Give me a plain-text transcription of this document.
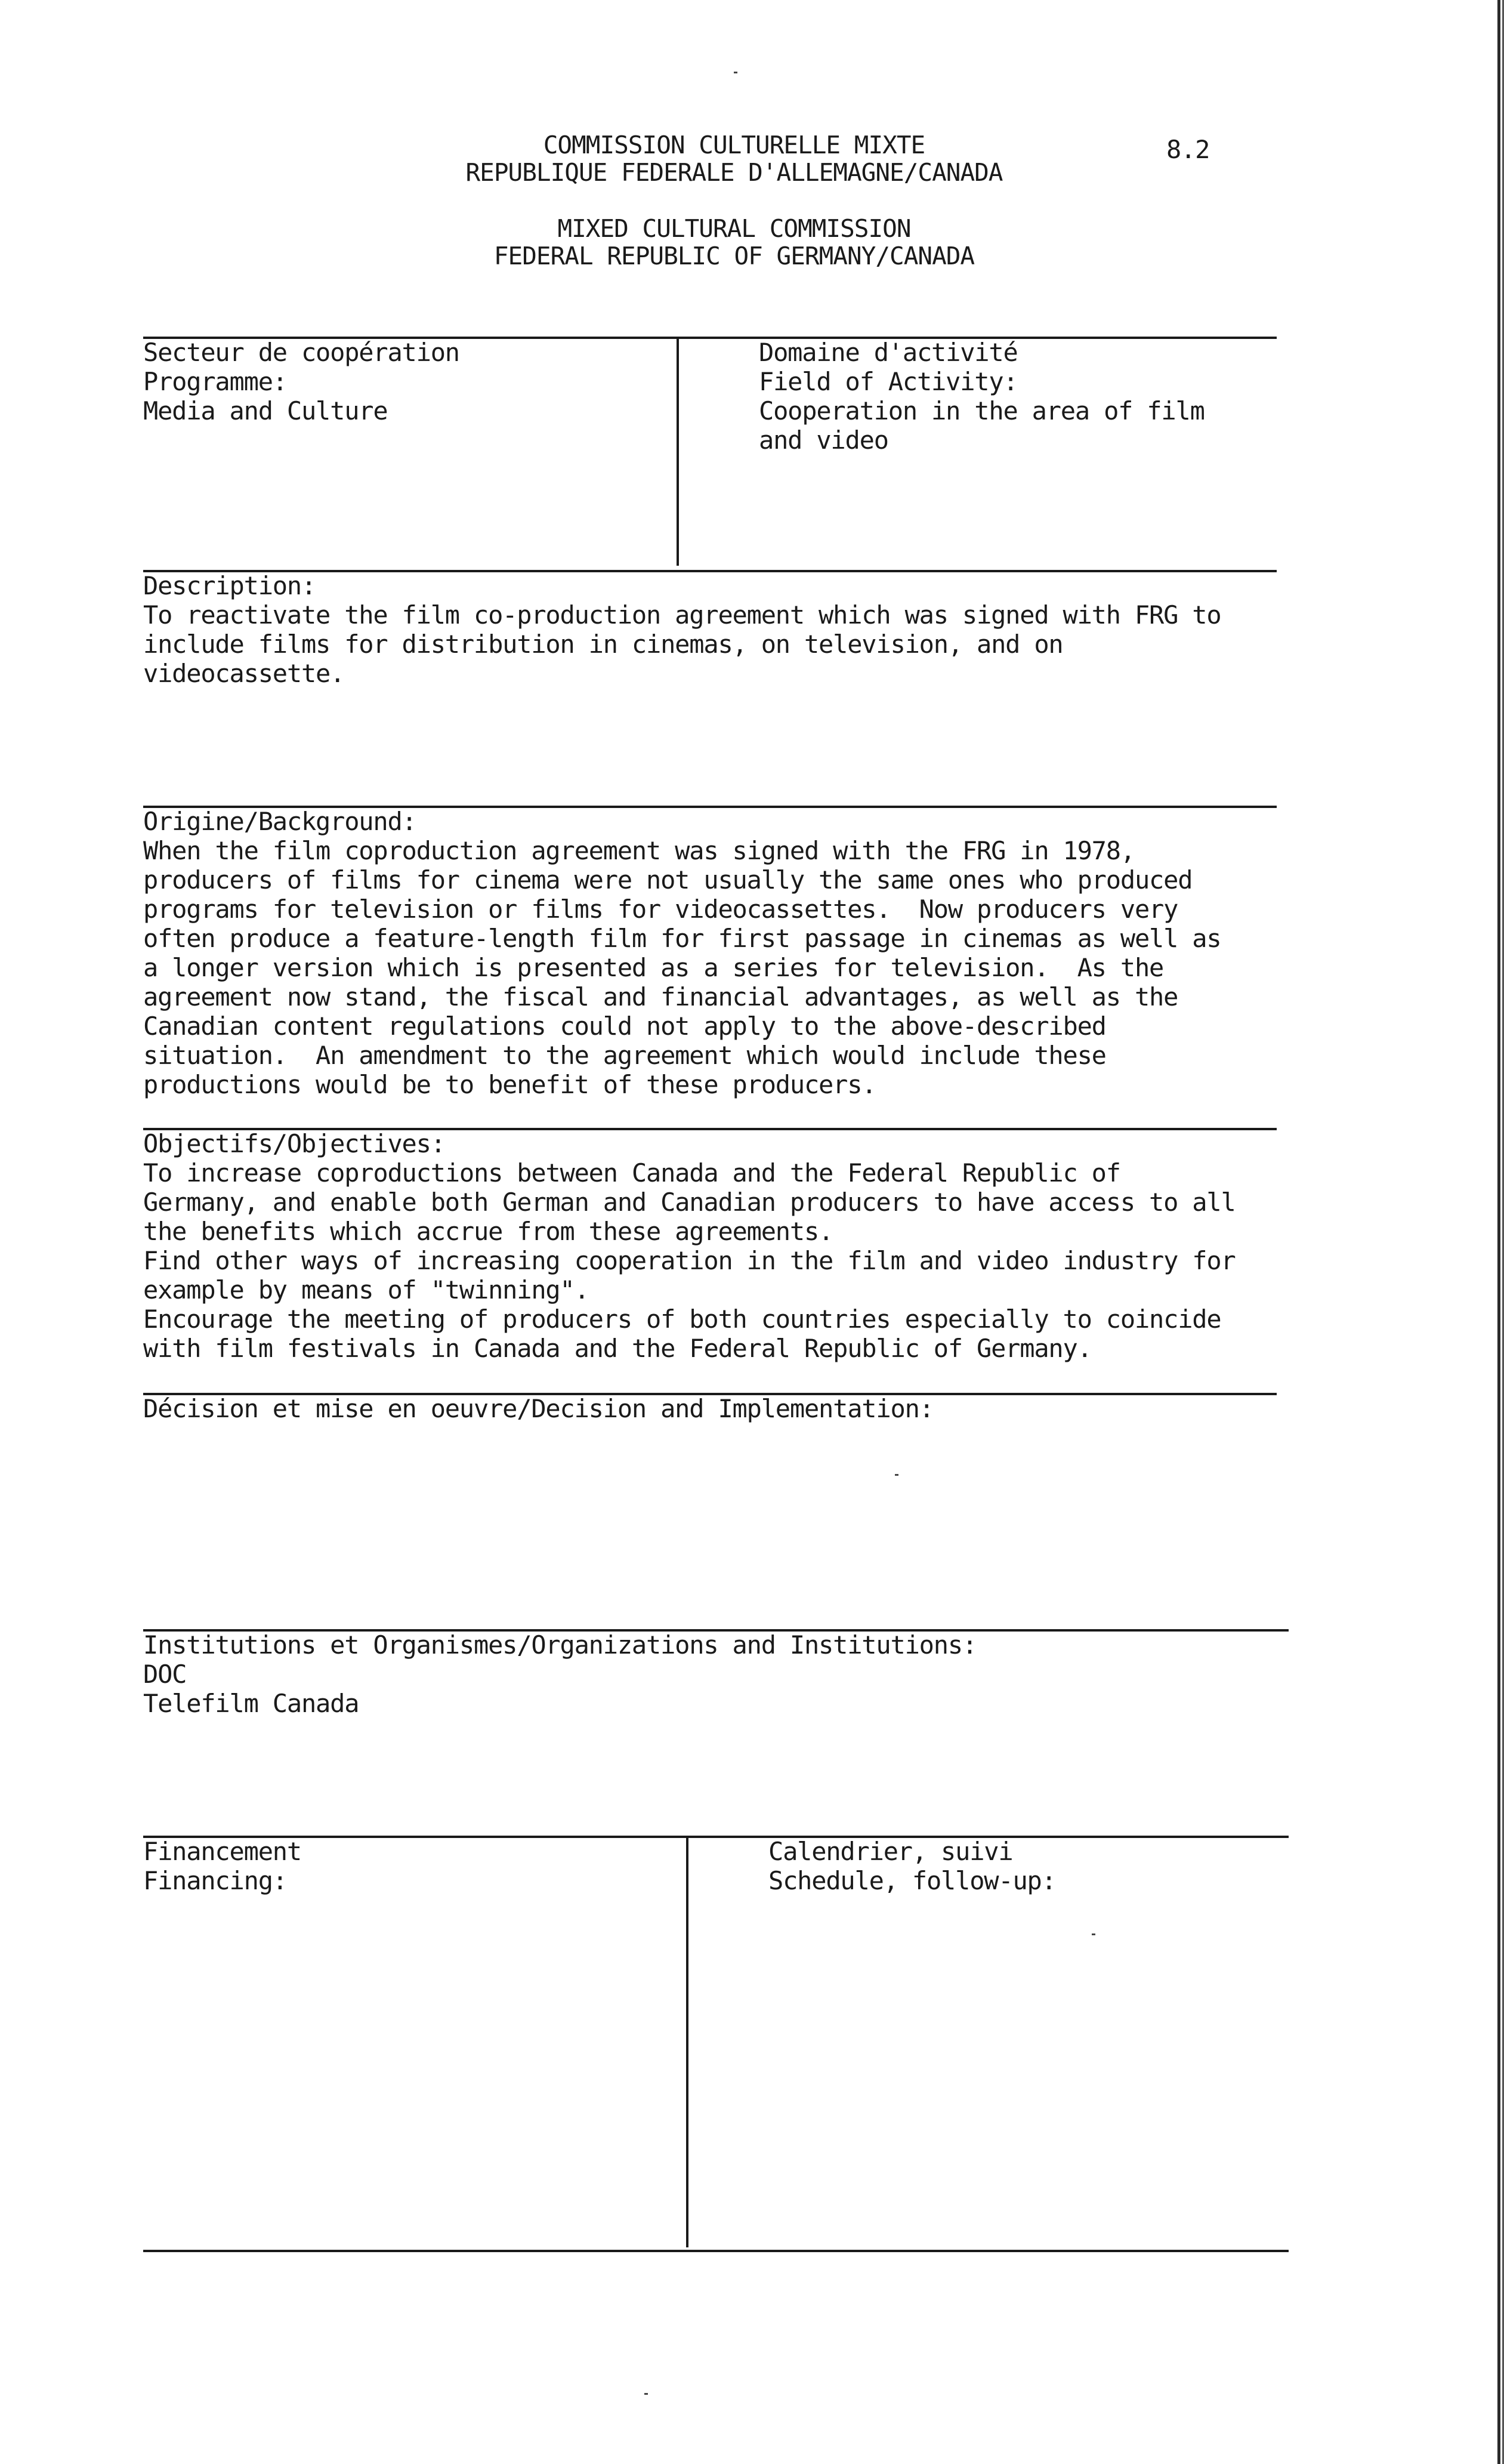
COMMISSION CULTURELLE MIXTE
REPUBLIQUE FEDERALE D'ALLEMAGNE/CANADA
8.2
MIXED CULTURAL COMMISSION
FEDERAL REPUBLIC OF GERMANY/CANADA
Secteur de coopération
Programme:
Media and Culture
Domaine d'activité
Field of Activity:
Cooperation in the area of film
and video
Description:
To reactivate the film co-production agreement which was signed with FRG to
include films for distribution in cinemas, on television, and on
videocassette.
Origine/Background:
When the film coproduction agreement was signed with the FRG in 1978,
producers of films for cinema were not usually the same ones who produced
programs for television or films for videocassettes.  Now producers very
often produce a feature-length film for first passage in cinemas as well as
a longer version which is presented as a series for television.  As the
agreement now stand, the fiscal and financial advantages, as well as the
Canadian content regulations could not apply to the above-described
situation.  An amendment to the agreement which would include these
productions would be to benefit of these producers.
Objectifs/Objectives:
To increase coproductions between Canada and the Federal Republic of
Germany, and enable both German and Canadian producers to have access to all
the benefits which accrue from these agreements.
Find other ways of increasing cooperation in the film and video industry for
example by means of "twinning".
Encourage the meeting of producers of both countries especially to coincide
with film festivals in Canada and the Federal Republic of Germany.
Décision et mise en oeuvre/Decision and Implementation:
Institutions et Organismes/Organizations and Institutions:
DOC
Telefilm Canada
Financement
Financing:
Calendrier, suivi
Schedule, follow-up:
